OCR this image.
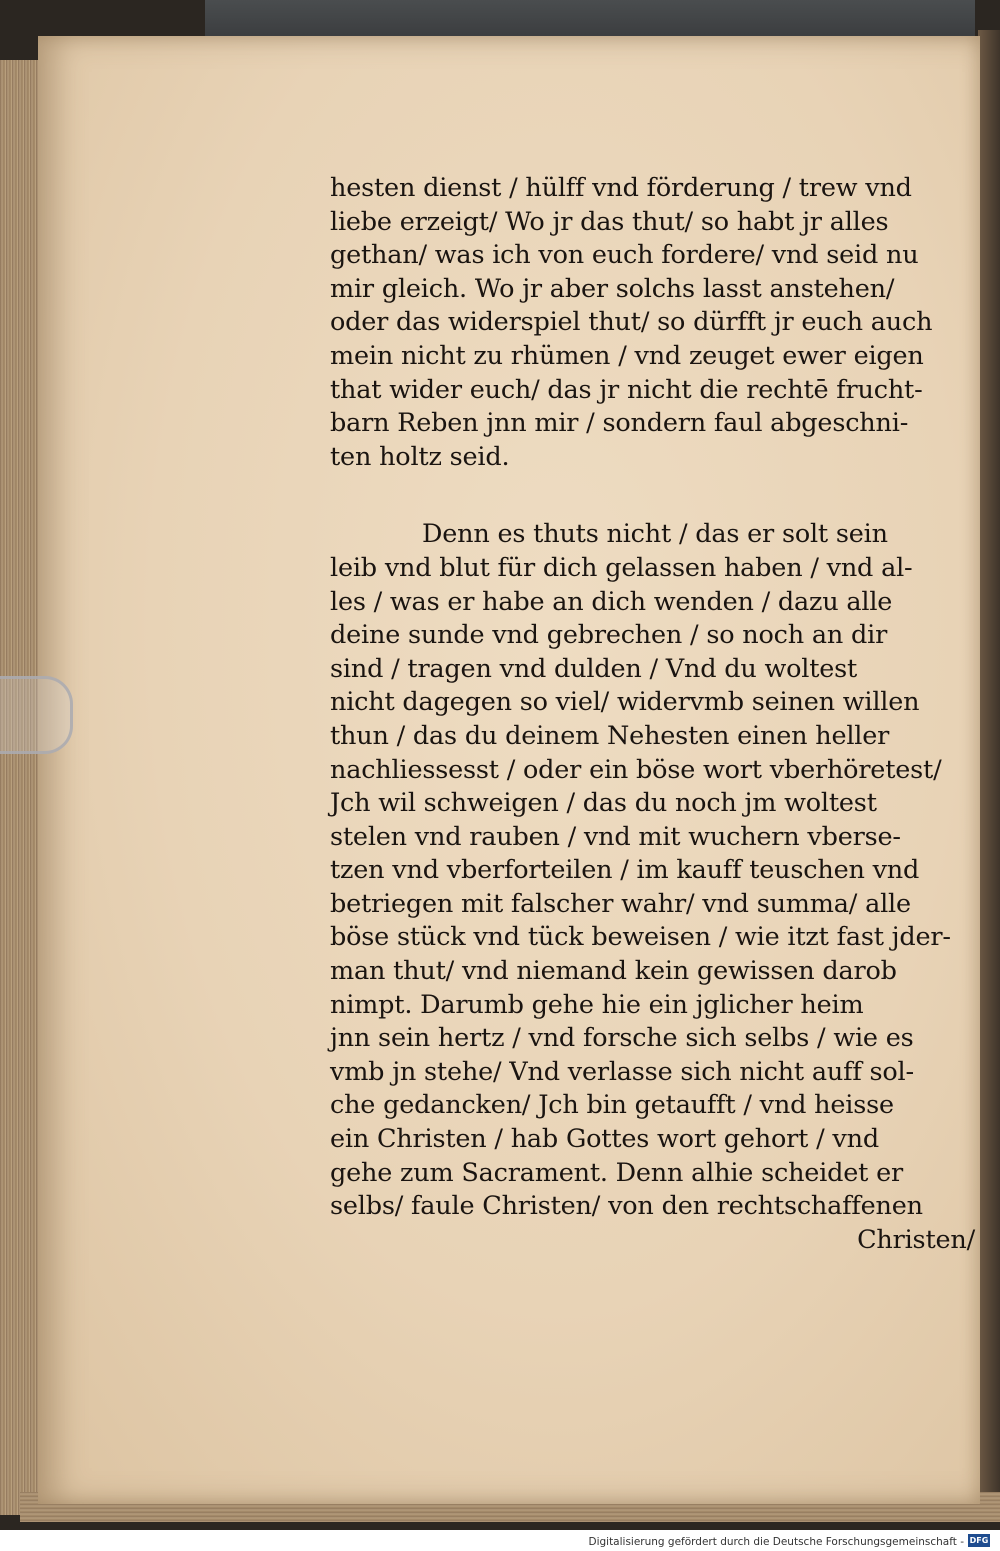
hesten dienst / hülff vnd förderung / trew vnd
liebe erzeigt/ Wo jr das thut/ so habt jr alles
gethan/ was ich von euch fordere/ vnd seid nu
mir gleich. Wo jr aber solchs lasst anstehen/
oder das widerspiel thut/ so dürfft jr euch auch
mein nicht zu rhümen / vnd zeuget ewer eigen
that wider euch/ das jr nicht die rechtē frucht-
barn Reben jnn mir / sondern faul abgeschni-
ten holtz seid.
Denn es thuts nicht / das er solt sein
leib vnd blut für dich gelassen haben / vnd al-
les / was er habe an dich wenden / dazu alle
deine sunde vnd gebrechen / so noch an dir
sind / tragen vnd dulden / Vnd du woltest
nicht dagegen so viel/ widervmb seinen willen
thun / das du deinem Nehesten einen heller
nachliessesst / oder ein böse wort vberhöretest/
Jch wil schweigen / das du noch jm woltest
stelen vnd rauben / vnd mit wuchern vberse-
tzen vnd vberforteilen / im kauff teuschen vnd
betriegen mit falscher wahr/ vnd summa/ alle
böse stück vnd tück beweisen / wie itzt fast jder-
man thut/ vnd niemand kein gewissen darob
nimpt. Darumb gehe hie ein jglicher heim
jnn sein hertz / vnd forsche sich selbs / wie es
vmb jn stehe/ Vnd verlasse sich nicht auff sol-
che gedancken/ Jch bin getaufft / vnd heisse
ein Christen / hab Gottes wort gehort / vnd
gehe zum Sacrament. Denn alhie scheidet er
selbs/ faule Christen/ von den rechtschaffenen
Christen/
Digitalisierung gefördert durch die Deutsche Forschungsgemeinschaft - DFG
